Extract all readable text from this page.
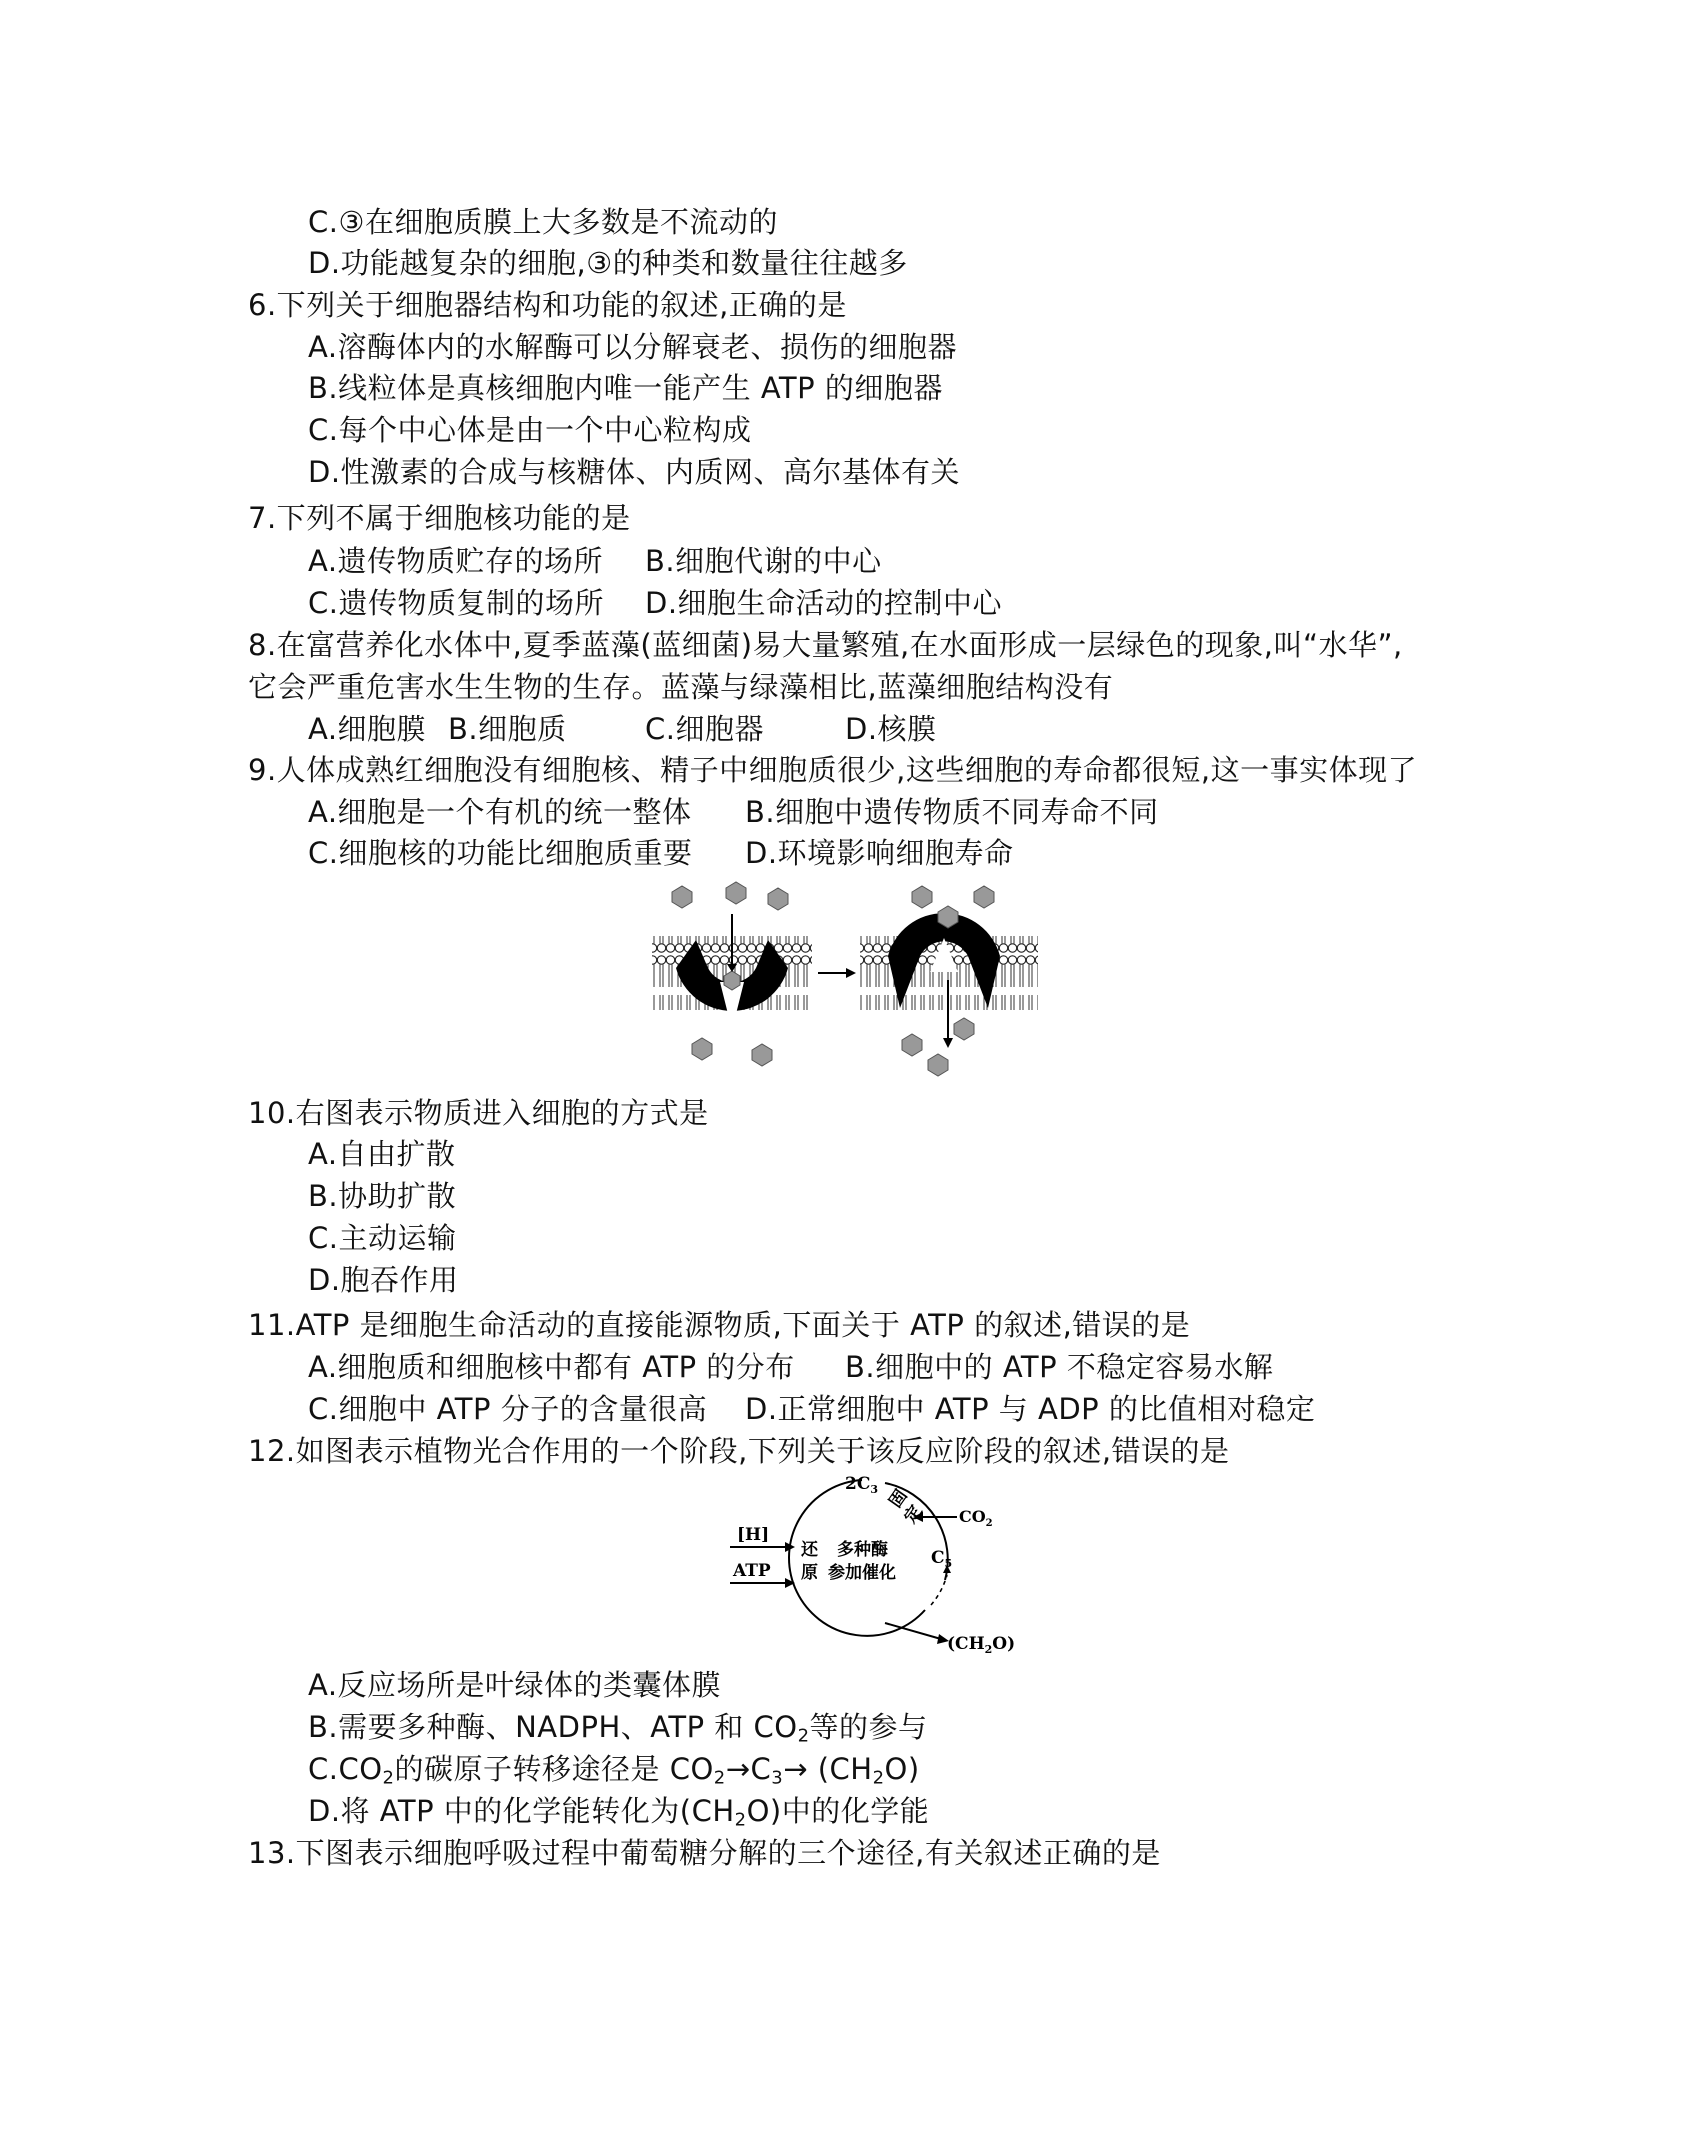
C.③在细胞质膜上大多数是不流动的
D.功能越复杂的细胞,③的种类和数量往往越多
6.下列关于细胞器结构和功能的叙述,正确的是
A.溶酶体内的水解酶可以分解衰老、损伤的细胞器
B.线粒体是真核细胞内唯一能产生 ATP 的细胞器
C.每个中心体是由一个中心粒构成
D.性激素的合成与核糖体、内质网、高尔基体有关
7.下列不属于细胞核功能的是
A.遗传物质贮存的场所 B.细胞代谢的中心
C.遗传物质复制的场所 D.细胞生命活动的控制中心
8.在富营养化水体中,夏季蓝藻(蓝细菌)易大量繁殖,在水面形成一层绿色的现象,叫“水华”,
它会严重危害水生生物的生存。蓝藻与绿藻相比,蓝藻细胞结构没有
A.细胞膜 B.细胞质	C.细胞器	D.核膜
9.人体成熟红细胞没有细胞核、精子中细胞质很少,这些细胞的寿命都很短,这一事实体现了
A.细胞是一个有机的统一整体 B.细胞中遗传物质不同寿命不同
C.细胞核的功能比细胞质重要 D.环境影响细胞寿命
10.右图表示物质进入细胞的方式是
A.自由扩散
B.协助扩散
C.主动运输
D.胞吞作用
11.ATP 是细胞生命活动的直接能源物质,下面关于 ATP 的叙述,错误的是
A.细胞质和细胞核中都有 ATP 的分布 B.细胞中的 ATP 不稳定容易水解
C.细胞中 ATP 分子的含量很高 D.正常细胞中 ATP 与 ADP 的比值相对稳定
12.如图表示植物光合作用的一个阶段,下列关于该反应阶段的叙述,错误的是
[H]
ATP
$2C_3$
$CO_2$
$C_5$
$(CH_2O)$
固
定
还
原
多种酶
参加催化
A.反应场所是叶绿体的类囊体膜
B.需要多种酶、NADPH、ATP 和 $CO_2$等的参与
$C.CO_2$的碳原子转移途径是 $CO_2\to C_3\to (CH_2O)$
D.将 ATP 中的化学能转化为$(CH_2O)$中的化学能
13.下图表示细胞呼吸过程中葡萄糖分解的三个途径,有关叙述正确的是
